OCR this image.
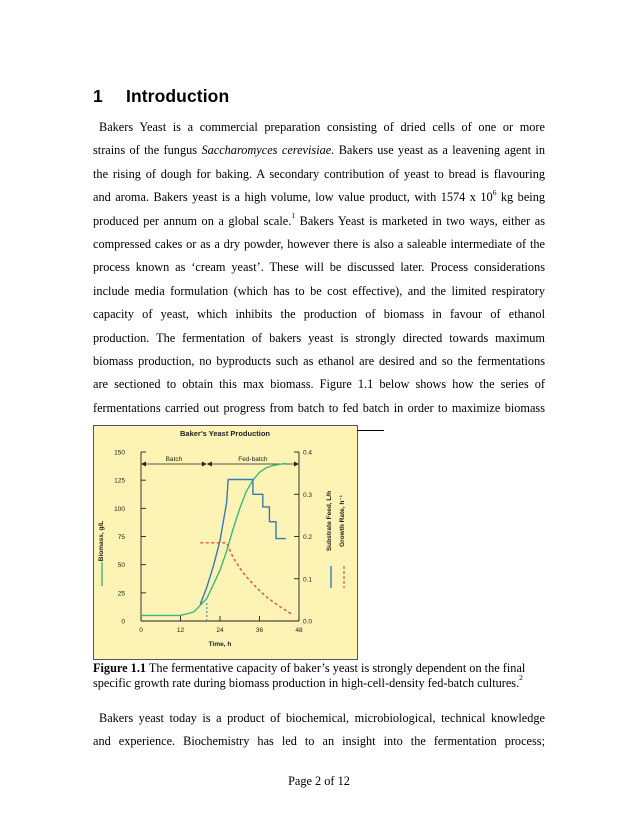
1 Introduction
Bakers Yeast is a commercial preparation consisting of dried cells of one or more
strains of the fungus Saccharomyces cerevisiae. Bakers use yeast as a leavening agent in
the rising of dough for baking. A secondary contribution of yeast to bread is flavouring
and aroma. Bakers yeast is a high volume, low value product, with 1574 x $10^6$ kg being
produced per annum on a global scale.$^1$ Bakers Yeast is marketed in two ways, either as
compressed cakes or as a dry powder, however there is also a saleable intermediate of the
process known as ‘cream yeast’. These will be discussed later. Process considerations
include media formulation (which has to be cost effective), and the limited respiratory
capacity of yeast, which inhibits the production of biomass in favour of ethanol
production. The fermentation of bakers yeast is strongly directed towards maximum
biomass production, no byproducts such as ethanol are desired and so the fermentations
are sectioned to obtain this max biomass. Figure 1.1 below shows how the series of
fermentations carried out progress from batch to fed batch in order to maximize biomass
Baker's Yeast Production
0
25
50
75
100
125
150
0.0
0.1
0.2
0.3
0.4
0	12	24	36	48
Time, h
Biomass, g/L	Substrate Feed, L/h Growth Rate, h⁻¹
Batch	Fed-batch
Figure 1.1 The fermentative capacity of baker’s yeast is strongly dependent on the final
specific growth rate during biomass production in high-cell-density fed-batch cultures.$^2$
Bakers yeast today is a product of biochemical, microbiological, technical knowledge
and experience. Biochemistry has led to an insight into the fermentation process;
Page 2 of 12
